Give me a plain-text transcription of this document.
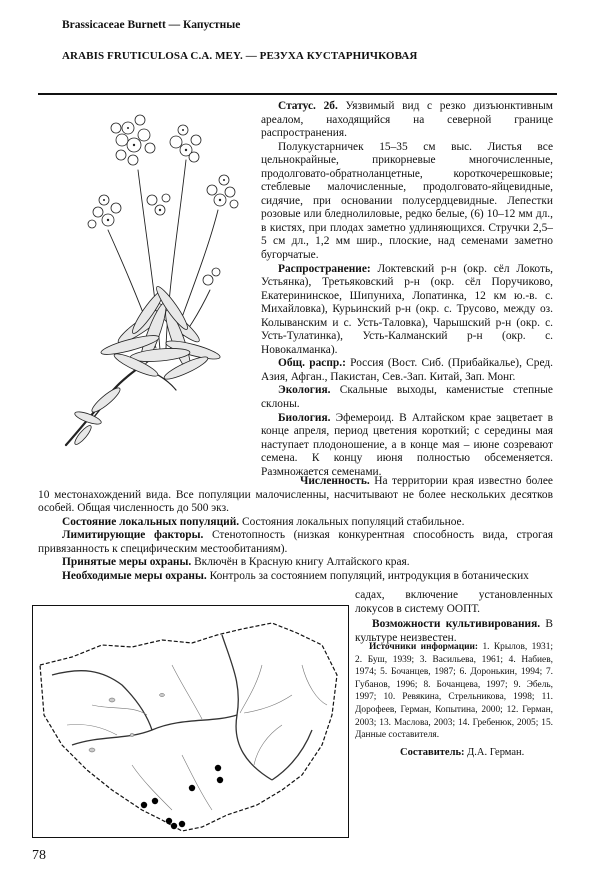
Brassicaceae Burnett — Капустные
ARABIS FRUTICULOSA C.A. MEY. — РЕЗУХА КУСТАРНИЧКОВАЯ

Статус. 2б. Уязвимый вид с резко дизъюнктивным ареалом, находящийся на северной границе распространения.

Полукустарничек 15–35 см выс. Листья все цельнокрайные, прикорневые многочисленные, продолговато-обратноланцетные, короткочерешковые; стеблевые малочисленные, продолговато-яйцевидные, сидячие, при основании полусердцевидные. Лепестки розовые или бледнолиловые, редко белые, (6) 10–12 мм дл., в кистях, при плодах заметно удлиняющихся. Стручки 2,5–5 см дл., 1,2 мм шир., плоские, над семенами заметно бугорчатые.

Распространение: Локтевский р-н (окр. сёл Локоть, Устьянка), Третьяковский р-н (окр. сёл Поручиково, Екатерининское, Шипуниха, Лопатинка, 12 км ю.-в. с. Михайловка), Курьинский р-н (окр. с. Трусово, между оз. Колыванским и с. Усть-Таловка), Чарышский р-н (окр. с. Усть-Тулатинка), Усть-Калманский р-н (окр. с. Новокалманка).

Общ. распр.: Россия (Вост. Сиб. (Прибайкалье), Сред. Азия, Афган., Пакистан, Сев.-Зап. Китай, Зап. Монг.

Экология. Скальные выходы, каменистые степные склоны.

Биология. Эфемероид. В Алтайском крае зацветает в конце апреля, период цветения короткий; с середины мая наступает плодоношение, а в конце мая – июне созревают семена. К концу июня полностью обсеменяется. Размножается семенами.

Численность. На территории края известно более 10 местонахождений вида. Все популяции малочисленны, насчитывают не более нескольких десятков особей. Общая численность до 500 экз.

Состояние локальных популяций. Состояния локальных популяций стабильное.

Лимитирующие факторы. Стенотопность (низкая конкурентная способность вида, строгая привязанность к специфическим местообитаниям).

Принятые меры охраны. Включён в Красную книгу Алтайского края.

Необходимые меры охраны. Контроль за состоянием популяций, интродукция в ботанических

садах, включение установленных локусов в систему ООПТ.

Возможности культивирования. В культуре неизвестен.

Источники информации: 1. Крылов, 1931; 2. Буш, 1939; 3. Васильева, 1961; 4. Набиев, 1974; 5. Бочанцев, 1987; 6. Доронькин, 1994; 7. Губанов, 1996; 8. Бочанцева, 1997; 9. Эбель, 1997; 10. Ревякина, Стрельникова, 1998; 11. Дорофеев, Герман, Копытина, 2000; 12. Герман, 2003; 13. Маслова, 2003; 14. Гребенюк, 2005; 15. Данные составителя.

Составитель: Д.А. Герман.

78
